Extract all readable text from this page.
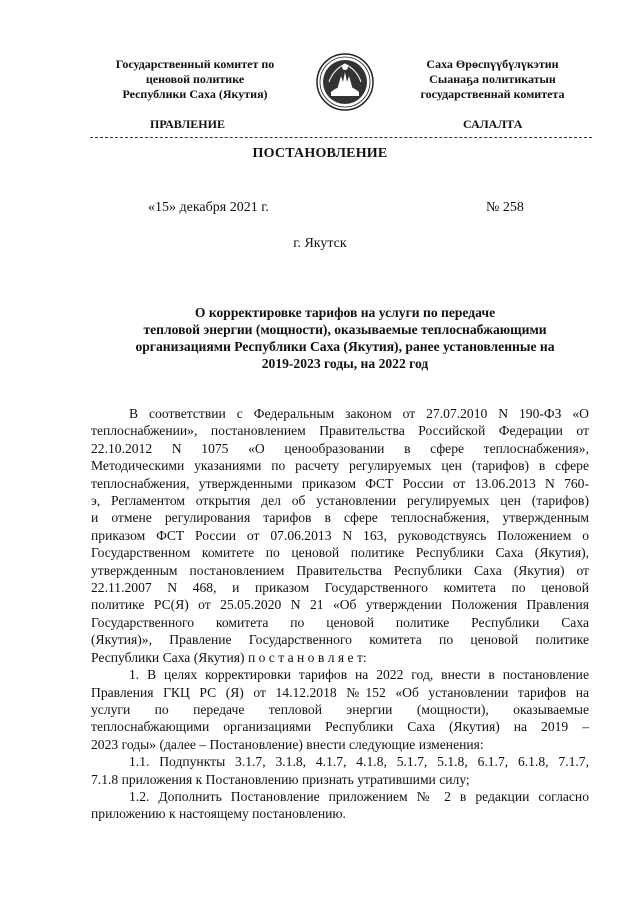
Государственный комитет по
ценовой политике
Республики Саха (Якутия)
Саха Өрөспүүбүлүкэтин
Сыанаҕа политикатын
государственнай комитета
ПРАВЛЕНИЕ	САЛАЛТА
ПОСТАНОВЛЕНИЕ
«15» декабря 2021 г.	№ 258
г. Якутск
О корректировке тарифов на услуги по передаче
тепловой энергии (мощности), оказываемые теплоснабжающими
организациями Республики Саха (Якутия), ранее установленные на
2019-2023 годы, на 2022 год
В соответствии с Федеральным законом от 27.07.2010 N 190-ФЗ «О
теплоснабжении», постановлением Правительства Российской Федерации от
22.10.2012 N 1075 «О ценообразовании в сфере теплоснабжения»,
Методическими указаниями по расчету регулируемых цен (тарифов) в сфере
теплоснабжения, утвержденными приказом ФСТ России от 13.06.2013 N 760-
э, Регламентом открытия дел об установлении регулируемых цен (тарифов)
и отмене регулирования тарифов в сфере теплоснабжения, утвержденным
приказом ФСТ России от 07.06.2013 N 163, руководствуясь Положением о
Государственном комитете по ценовой политике Республики Саха (Якутия),
утвержденным постановлением Правительства Республики Саха (Якутия) от
22.11.2007 N 468, и приказом Государственного комитета по ценовой
политике РС(Я) от 25.05.2020 N 21 «Об утверждении Положения Правления
Государственного комитета по ценовой политике Республики Саха
(Якутия)», Правление Государственного комитета по ценовой политике
Республики Саха (Якутия) п о с т а н о в л я е т:
1. В целях корректировки тарифов на 2022 год, внести в постановление
Правления ГКЦ РС (Я) от 14.12.2018 №152 «Об установлении тарифов на
услуги по передаче тепловой энергии (мощности), оказываемые
теплоснабжающими организациями Республики Саха (Якутия) на 2019 –
2023 годы» (далее – Постановление) внести следующие изменения:
1.1. Подпункты 3.1.7, 3.1.8, 4.1.7, 4.1.8, 5.1.7, 5.1.8, 6.1.7, 6.1.8, 7.1.7,
7.1.8 приложения к Постановлению признать утратившими силу;
1.2. Дополнить Постановление приложением № 2 в редакции согласно
приложению к настоящему постановлению.
